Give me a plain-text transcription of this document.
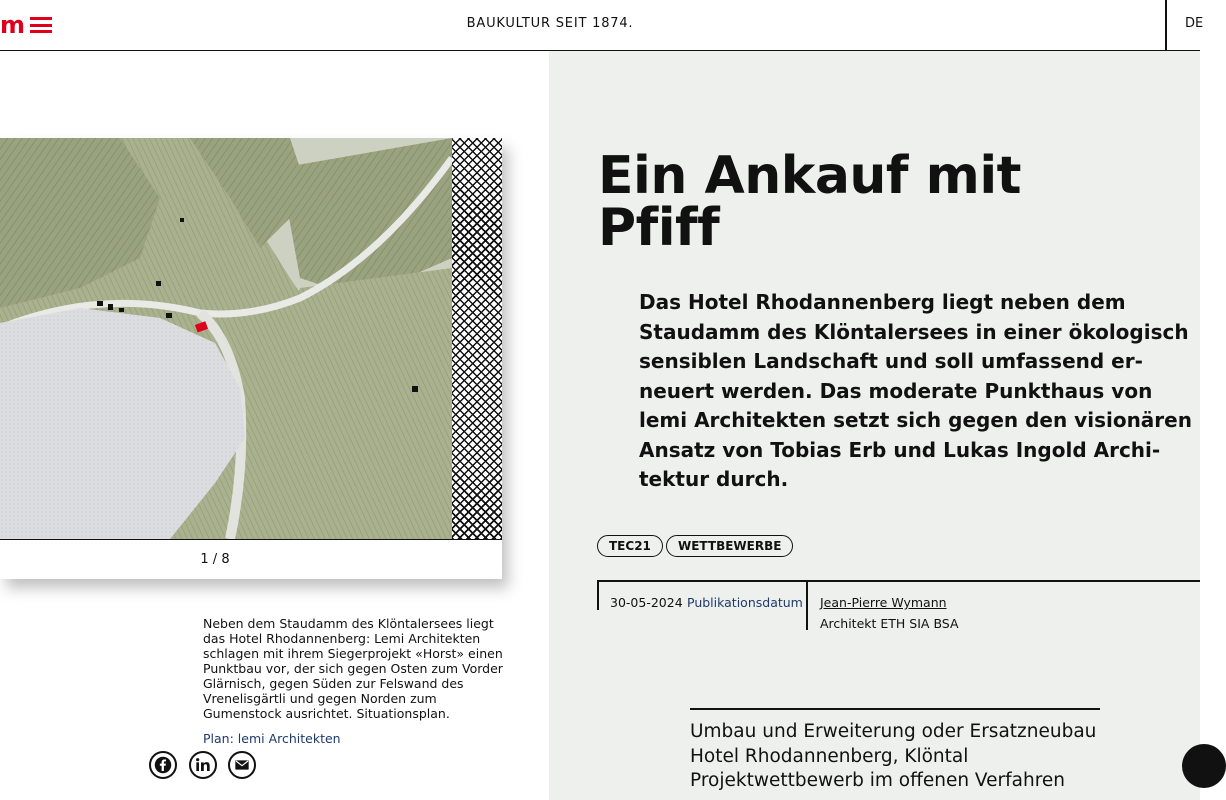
m	BAUKULTUR SEIT 1874.	DE
1 / 8
Neben dem Staudamm des Klöntalersees liegt das Hotel Rhodannenberg: Lemi Architekten schlagen mit ihrem Siegerprojekt «Horst» einen Punktbau vor, der sich gegen Osten zum Vorder Glärnisch, gegen Süden zur Felswand des Vrenelisgärtli und gegen Norden zum Gumenstock ausrichtet. Situationsplan.
Plan: lemi Architekten
Ein Ankauf mit Pfiff
Das Hotel Rhodannenberg liegt neben dem
Staudamm des Klöntalersees in einer ökologisch
sensiblen Landschaft und soll umfassend er-
neuert werden. Das moderate Punkthaus von
lemi Architekten setzt sich gegen den visionären
Ansatz von Tobias Erb und Lukas Ingold Archi-
tektur durch.
TEC21	WETTBEWERBE
30-05-2024 Publikationsdatum Jean-Pierre Wymann
Architekt ETH SIA BSA
Umbau und Erweiterung oder Ersatzneubau
Hotel Rhodannenberg, Klöntal
Projektwettbewerb im offenen Verfahren
